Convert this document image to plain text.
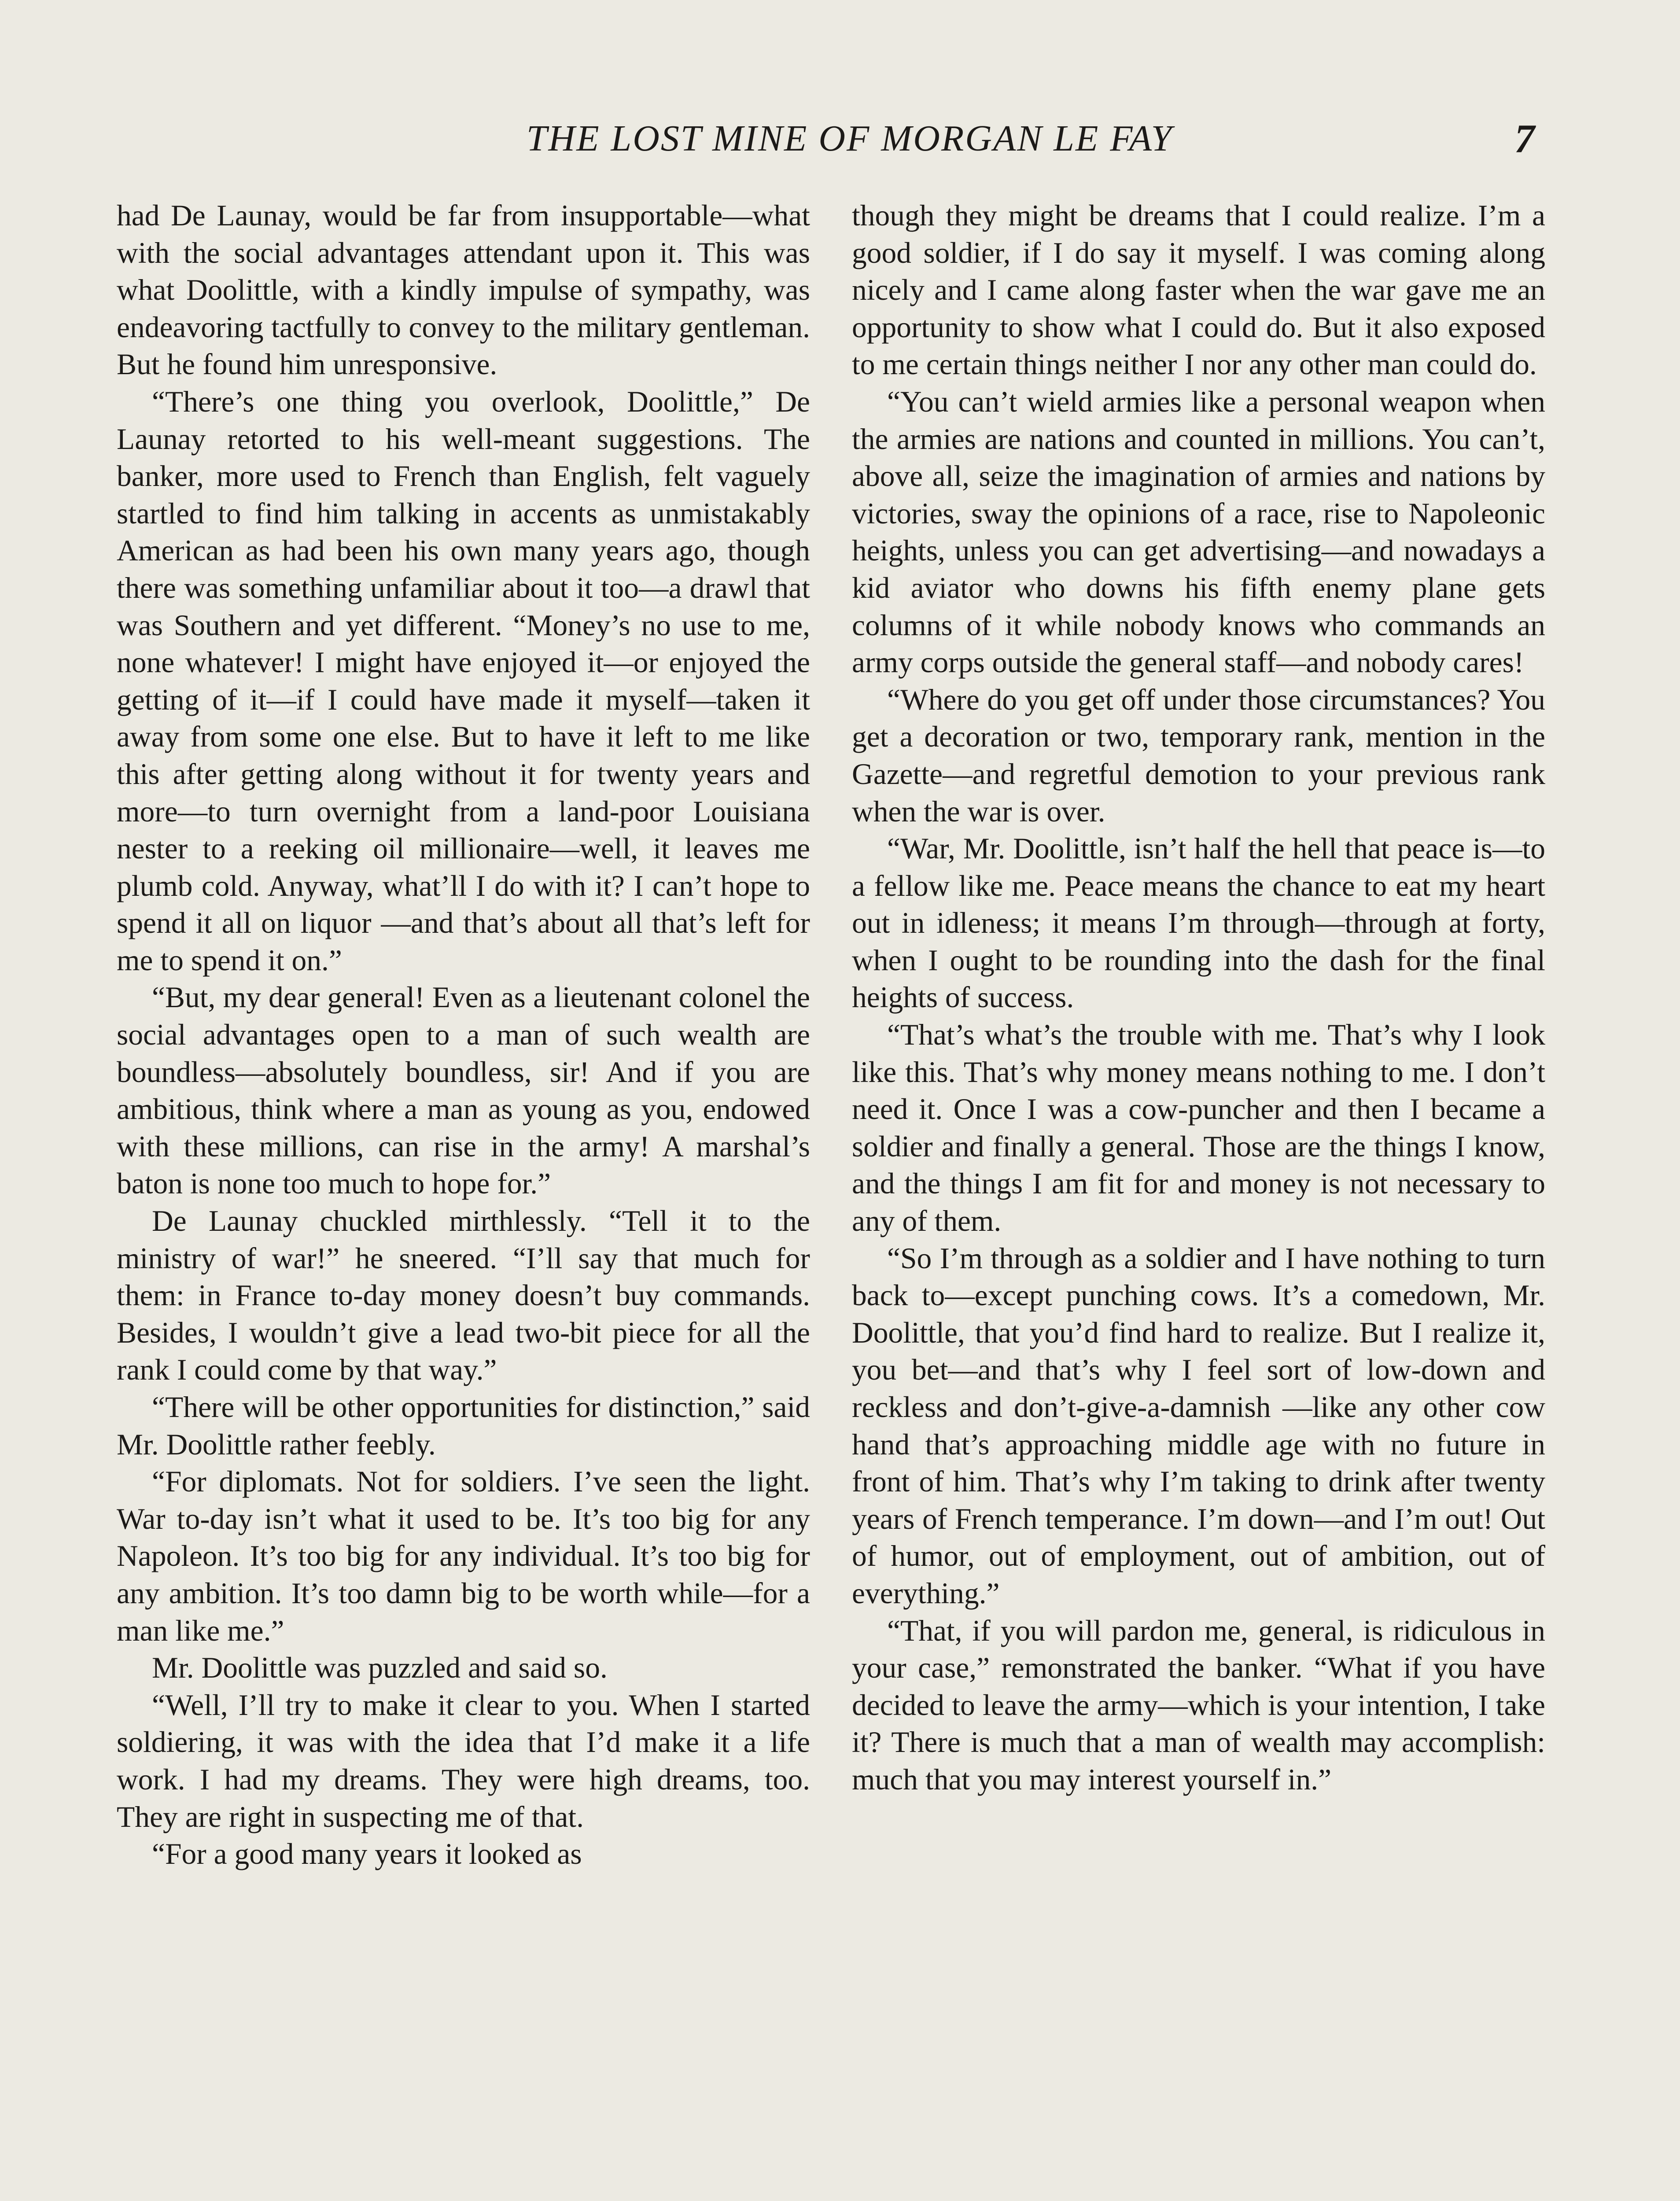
THE LOST MINE OF MORGAN LE FAY	7

had De Launay, would be far from insupportable—what with the social advantages attendant upon it. This was what Doolittle, with a kindly impulse of sympathy, was endeavoring tactfully to convey to the military gentleman. But he found him unresponsive.

“There’s one thing you overlook, Doolittle,” De Launay retorted to his well-meant suggestions. The banker, more used to French than English, felt vaguely startled to find him talking in accents as unmistakably American as had been his own many years ago, though there was something unfamiliar about it too—a drawl that was Southern and yet different. “Money’s no use to me, none whatever! I might have enjoyed it—or enjoyed the getting of it—if I could have made it myself—taken it away from some one else. But to have it left to me like this after getting along without it for twenty years and more—to turn overnight from a land-poor Louisiana nester to a reeking oil millionaire—well, it leaves me plumb cold. Anyway, what’ll I do with it? I can’t hope to spend it all on liquor —and that’s about all that’s left for me to spend it on.”

“But, my dear general! Even as a lieutenant colonel the social advantages open to a man of such wealth are boundless—absolutely boundless, sir! And if you are ambitious, think where a man as young as you, endowed with these millions, can rise in the army! A marshal’s baton is none too much to hope for.”

De Launay chuckled mirthlessly. “Tell it to the ministry of war!” he sneered. “I’ll say that much for them: in France to-day money doesn’t buy commands. Besides, I wouldn’t give a lead two-bit piece for all the rank I could come by that way.”

“There will be other opportunities for distinction,” said Mr. Doolittle rather feebly.

“For diplomats. Not for soldiers. I’ve seen the light. War to-day isn’t what it used to be. It’s too big for any Napoleon. It’s too big for any individual. It’s too big for any ambition. It’s too damn big to be worth while—for a man like me.”

Mr. Doolittle was puzzled and said so.

“Well, I’ll try to make it clear to you. When I started soldiering, it was with the idea that I’d make it a life work. I had my dreams. They were high dreams, too. They are right in suspecting me of that.

“For a good many years it looked as

though they might be dreams that I could realize. I’m a good soldier, if I do say it myself. I was coming along nicely and I came along faster when the war gave me an opportunity to show what I could do. But it also exposed to me certain things neither I nor any other man could do.

“You can’t wield armies like a personal weapon when the armies are nations and counted in millions. You can’t, above all, seize the imagination of armies and nations by victories, sway the opinions of a race, rise to Napoleonic heights, unless you can get advertising—and nowadays a kid aviator who downs his fifth enemy plane gets columns of it while nobody knows who commands an army corps outside the general staff—and nobody cares!

“Where do you get off under those circumstances? You get a decoration or two, temporary rank, mention in the Gazette—and regretful demotion to your previous rank when the war is over.

“War, Mr. Doolittle, isn’t half the hell that peace is—to a fellow like me. Peace means the chance to eat my heart out in idleness; it means I’m through—through at forty, when I ought to be rounding into the dash for the final heights of success.

“That’s what’s the trouble with me. That’s why I look like this. That’s why money means nothing to me. I don’t need it. Once I was a cow-puncher and then I became a soldier and finally a general. Those are the things I know, and the things I am fit for and money is not necessary to any of them.

“So I’m through as a soldier and I have nothing to turn back to—except punching cows. It’s a comedown, Mr. Doolittle, that you’d find hard to realize. But I realize it, you bet—and that’s why I feel sort of low-down and reckless and don’t-give-a-damnish —like any other cow hand that’s approaching middle age with no future in front of him. That’s why I’m taking to drink after twenty years of French temperance. I’m down—and I’m out! Out of humor, out of employment, out of ambition, out of everything.”

“That, if you will pardon me, general, is ridiculous in your case,” remonstrated the banker. “What if you have decided to leave the army—which is your intention, I take it? There is much that a man of wealth may accomplish: much that you may interest yourself in.”
